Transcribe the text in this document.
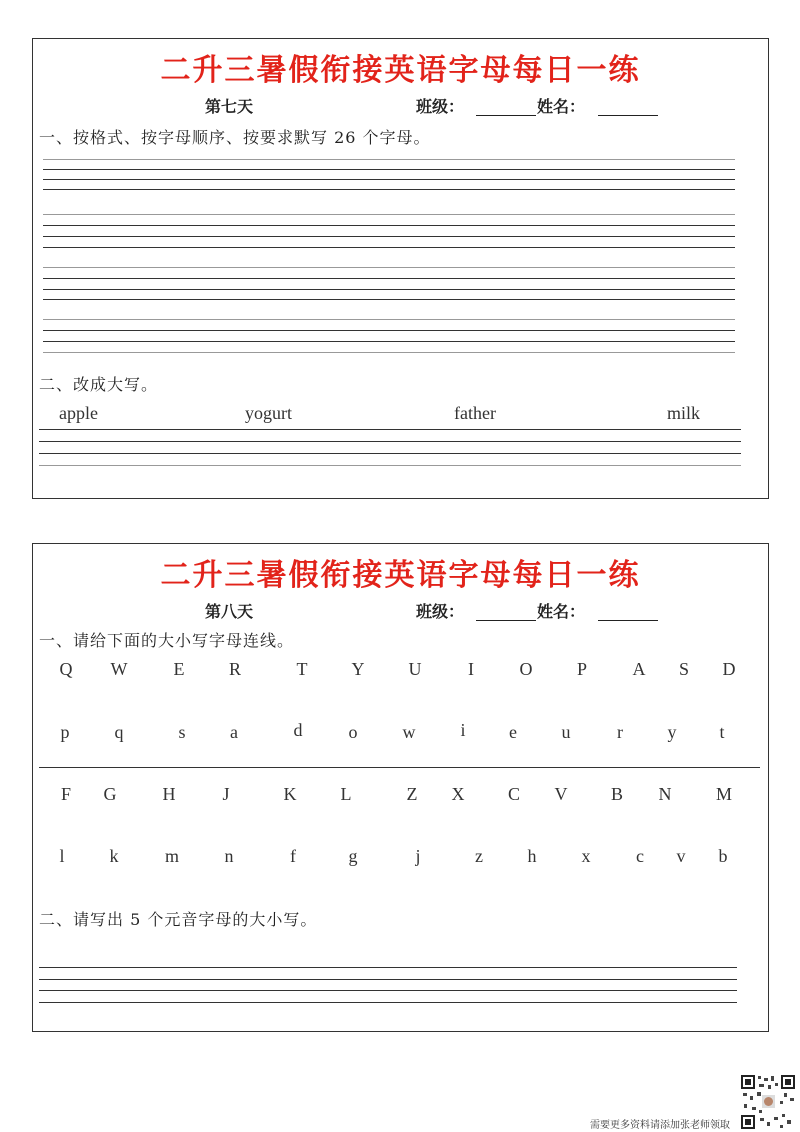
二升三暑假衔接英语字母每日一练
第七天	班级：	姓名：
一、按格式、按字母顺序、按要求默写 26 个字母。
二、改成大写。
apple	yogurt	father	milk
二升三暑假衔接英语字母每日一练
第八天	班级：	姓名：
一、请给下面的大小写字母连线。
Q	W	E	R	T	Y	U	I	O	P	A	S	D
p	q	s	a	d	o	w	i	e	u	r	y	t
F	G	H	J	K	L	Z	X	C	V	B	N	M
l	k	m	n	f	g	j	z	h	x	c	v	b
二、请写出 5 个元音字母的大小写。
需要更多资料请添加张老师领取
